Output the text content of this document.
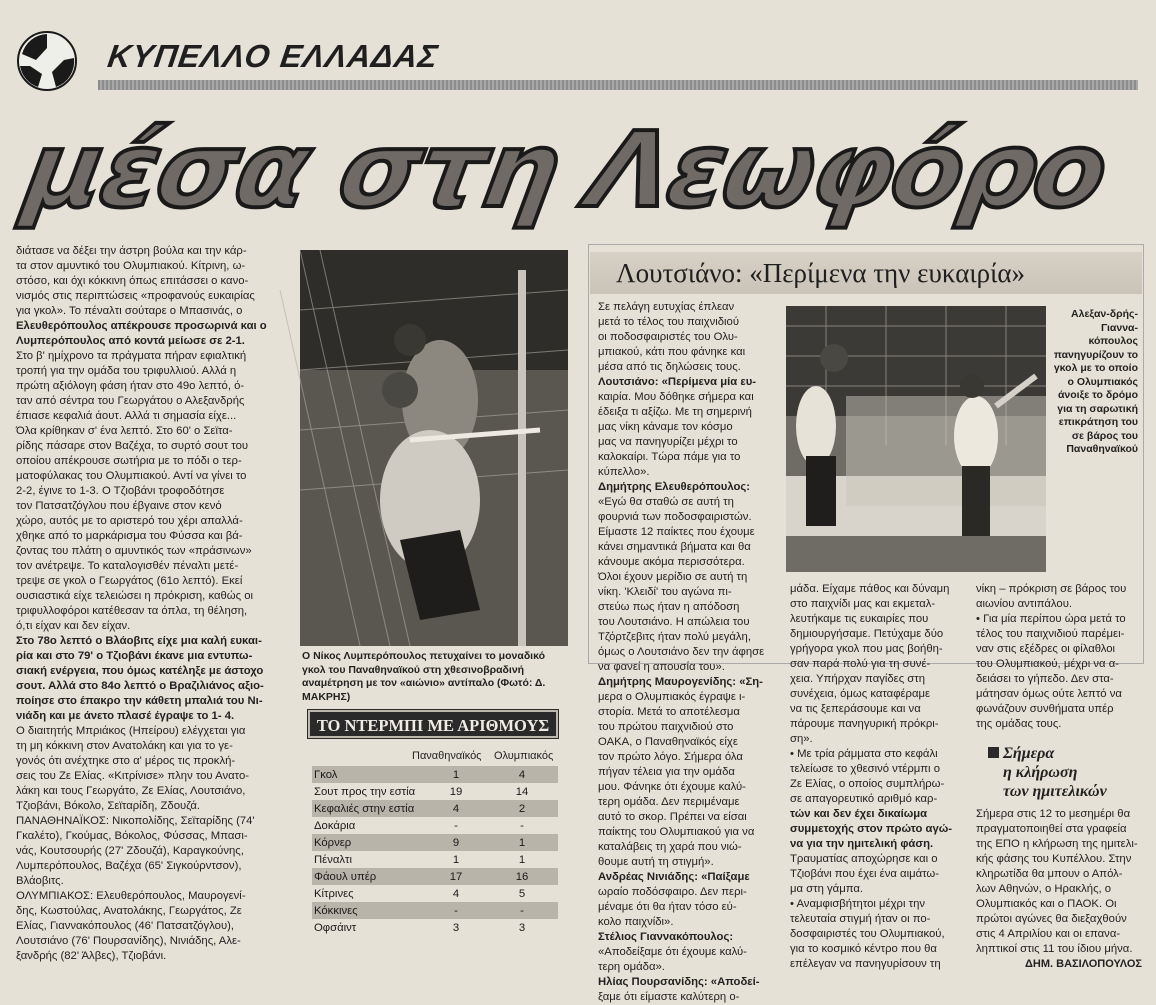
ΚΥΠΕΛΛΟ ΕΛΛΑΔΑΣ
μέσα στη Λεωφόρο

διάτασε να δέξει την άστρη βούλα και την κάρ-

τα στον αμυντικό του Ολυμπιακού. Κίτρινη, ω-

στόσο, και όχι κόκκινη όπως επιτάσσει ο κανο-

νισμός στις περιπτώσεις «προφανούς ευκαιρίας

για γκολ». Το πέναλτι σούταρε ο Μπασινάς, ο

Ελευθερόπουλος απέκρουσε προσωρινά και ο

Λυμπερόπουλος από κοντά μείωσε σε 2-1.

Στο β' ημίχρονο τα πράγματα πήραν εφιαλτική

τροπή για την ομάδα του τριφυλλιού. Αλλά η

πρώτη αξιόλογη φάση ήταν στο 49ο λεπτό, ό-

ταν από σέντρα του Γεωργάτου ο Αλεξανδρής

έπιασε κεφαλιά άουτ. Αλλά τι σημασία είχε...

Όλα κρίθηκαν σ' ένα λεπτό. Στο 60' ο Σεϊτα-

ρίδης πάσαρε στον Βαζέχα, το συρτό σουτ του

οποίου απέκρουσε σωτήρια με το πόδι ο τερ-

ματοφύλακας του Ολυμπιακού. Αντί να γίνει το

2-2, έγινε το 1-3. Ο Τζιοβάνι τροφοδότησε

τον Πατσατζόγλου που έβγαινε στον κενό

χώρο, αυτός με το αριστερό του χέρι απαλλά-

χθηκε από το μαρκάρισμα του Φύσσα και βά-

ζοντας του πλάτη ο αμυντικός των «πράσινων»

τον ανέτρεψε. Το καταλογισθέν πέναλτι μετέ-

τρεψε σε γκολ ο Γεωργάτος (61ο λεπτό). Εκεί

ουσιαστικά είχε τελειώσει η πρόκριση, καθώς οι

τριφυλλοφόροι κατέθεσαν τα όπλα, τη θέληση,

ό,τι είχαν και δεν είχαν.

Στο 78ο λεπτό ο Βλάοβιτς είχε μια καλή ευκαι-

ρία και στο 79' ο Τζιοβάνι έκανε μια εντυπω-

σιακή ενέργεια, που όμως κατέληξε με άστοχο

σουτ. Αλλά στο 84ο λεπτό ο Βραζιλιάνος αξιο-

ποίησε στο έπακρο την κάθετη μπαλιά του Νι-

νιάδη και με άνετο πλασέ έγραψε το 1- 4.

Ο διαιτητής Μπριάκος (Ηπείρου) ελέγχεται για

τη μη κόκκινη στον Ανατολάκη και για το γε-

γονός ότι ανέχτηκε στο α' μέρος τις προκλή-

σεις του Ζε Ελίας. «Κιτρίνισε» πλην του Ανατο-

λάκη και τους Γεωργάτο, Ζε Ελίας, Λουτσιάνο,

Τζιοβάνι, Βόκολο, Σεϊταρίδη, Ζδουζά.

ΠΑΝΑΘΗΝΑΪΚΟΣ: Νικοπολίδης, Σεϊταρίδης (74'

Γκαλέτο), Γκούμας, Βόκολος, Φύσσας, Μπασι-

νάς, Κουτσουρής (27' Ζδουζά), Καραγκούνης,

Λυμπερόπουλος, Βαζέχα (65' Σιγκούρντσον),

Βλάοβιτς.

ΟΛΥΜΠΙΑΚΟΣ: Ελευθερόπουλος, Μαυρογενί-

δης, Κωστούλας, Ανατολάκης, Γεωργάτος, Ζε

Ελίας, Γιαννακόπουλος (46' Πατσατζόγλου),

Λουτσιάνο (76' Πουρσανίδης), Νινιάδης, Αλε-

ξανδρής (82' Άλβες), Τζιοβάνι.

Ο Νίκος Λυμπερόπουλος πετυχαίνει το μοναδικό γκολ του Παναθηναϊκού στη χθεσινοβραδινή αναμέτρηση με τον «αιώνιο» αντίπαλο (Φωτό: Δ. ΜΑΚΡΗΣ)
ΤΟ ΝΤΕΡΜΠΙ ΜΕ ΑΡΙΘΜΟΥΣ
Παναθηναϊκός Ολυμπιακός
Γκολ	1	4
Σουτ προς την εστία	19	14
Κεφαλιές στην εστία	4	2
Δοκάρια	-	-
Κόρνερ	9	1
Πέναλτι	1	1
Φάουλ υπέρ	17	16
Κίτρινες	4	5
Κόκκινες	-	-
Οφσάιντ	3	3
Λουτσιάνο: «Περίμενα την ευκαιρία»

Σε πελάγη ευτυχίας έπλεαν

μετά το τέλος του παιχνιδιού

οι ποδοσφαιριστές του Ολυ-

μπιακού, κάτι που φάνηκε και

μέσα από τις δηλώσεις τους.

Λουτσιάνο: «Περίμενα μία ευ-

καιρία. Μου δόθηκε σήμερα και

έδειξα τι αξίζω. Με τη σημερινή

μας νίκη κάναμε τον κόσμο

μας να πανηγυρίζει μέχρι το

καλοκαίρι. Τώρα πάμε για το

κύπελλο».

Δημήτρης Ελευθερόπουλος:

«Εγώ θα σταθώ σε αυτή τη

φουρνιά των ποδοσφαιριστών.

Είμαστε 12 παίκτες που έχουμε

κάνει σημαντικά βήματα και θα

κάνουμε ακόμα περισσότερα.

Όλοι έχουν μερίδιο σε αυτή τη

νίκη. 'Κλειδί' του αγώνα πι-

στεύω πως ήταν η απόδοση

του Λουτσιάνο. Η απώλεια του

Τζόρτζεβιτς ήταν πολύ μεγάλη,

όμως ο Λουτσιάνο δεν την άφησε

να φανεί η απουσία του».

Δημήτρης Μαυρογενίδης: «Ση-

μερα ο Ολυμπιακός έγραψε ι-

στορία. Μετά το αποτέλεσμα

του πρώτου παιχνιδιού στο

ΟΑΚΑ, ο Παναθηναϊκός είχε

τον πρώτο λόγο. Σήμερα όλα

πήγαν τέλεια για την ομάδα

μου. Φάνηκε ότι έχουμε καλύ-

τερη ομάδα. Δεν περιμέναμε

αυτό το σκορ. Πρέπει να είσαι

παίκτης του Ολυμπιακού για να

καταλάβεις τη χαρά που νιώ-

θουμε αυτή τη στιγμή».

Ανδρέας Νινιάδης: «Παίξαμε

ωραίο ποδόσφαιρο. Δεν περι-

μέναμε ότι θα ήταν τόσο εύ-

κολο παιχνίδι».

Στέλιος Γιαννακόπουλος:

«Αποδείξαμε ότι έχουμε καλύ-

τερη ομάδα».

Ηλίας Πουρσανίδης: «Αποδεί-

ξαμε ότι είμαστε καλύτερη ο-

Αλεξαν-δρής-Γιαννα-κόπουλος πανηγυρίζουν το γκολ με το οποίο ο Ολυμπιακός άνοιξε το δρόμο για τη σαρωτική επικράτηση του σε βάρος του Παναθηναϊκού

μάδα. Είχαμε πάθος και δύναμη

στο παιχνίδι μας και εκμεταλ-

λευτήκαμε τις ευκαιρίες που

δημιουργήσαμε. Πετύχαμε δύο

γρήγορα γκολ που μας βοήθη-

σαν παρά πολύ για τη συνέ-

χεια. Υπήρχαν παγίδες στη

συνέχεια, όμως καταφέραμε

να τις ξεπεράσουμε και να

πάρουμε πανηγυρική πρόκρι-

ση».

• Με τρία ράμματα στο κεφάλι

τελείωσε το χθεσινό ντέρμπι ο

Ζε Ελίας, ο οποίος συμπλήρω-

σε απαγορευτικό αριθμό καρ-

τών και δεν έχει δικαίωμα

συμμετοχής στον πρώτο αγώ-

να για την ημιτελική φάση.

Τραυματίας αποχώρησε και ο

Τζιοβάνι που έχει ένα αιμάτω-

μα στη γάμπα.

• Αναμφισβήτητοι μέχρι την

τελευταία στιγμή ήταν οι πο-

δοσφαιριστές του Ολυμπιακού,

για το κοσμικό κέντρο που θα

επέλεγαν να πανηγυρίσουν τη

νίκη – πρόκριση σε βάρος του

αιωνίου αντιπάλου.

• Για μία περίπου ώρα μετά το

τέλος του παιχνιδιού παρέμει-

ναν στις εξέδρες οι φίλαθλοι

του Ολυμπιακού, μέχρι να α-

δειάσει το γήπεδο. Δεν στα-

μάτησαν όμως ούτε λεπτό να

φωνάζουν συνθήματα υπέρ

της ομάδας τους.

Σήμερα
η κλήρωση
των ημιτελικών

Σήμερα στις 12 το μεσημέρι θα

πραγματοποιηθεί στα γραφεία

της ΕΠΟ η κλήρωση της ημιτελι-

κής φάσης του Κυπέλλου. Στην

κληρωτίδα θα μπουν ο Απόλ-

λων Αθηνών, ο Ηρακλής, ο

Ολυμπιακός και ο ΠΑΟΚ. Οι

πρώτοι αγώνες θα διεξαχθούν

στις 4 Απριλίου και οι επανα-

ληπτικοί στις 11 του ίδιου μήνα.

ΔΗΜ. ΒΑΣΙΛΟΠΟΥΛΟΣ
